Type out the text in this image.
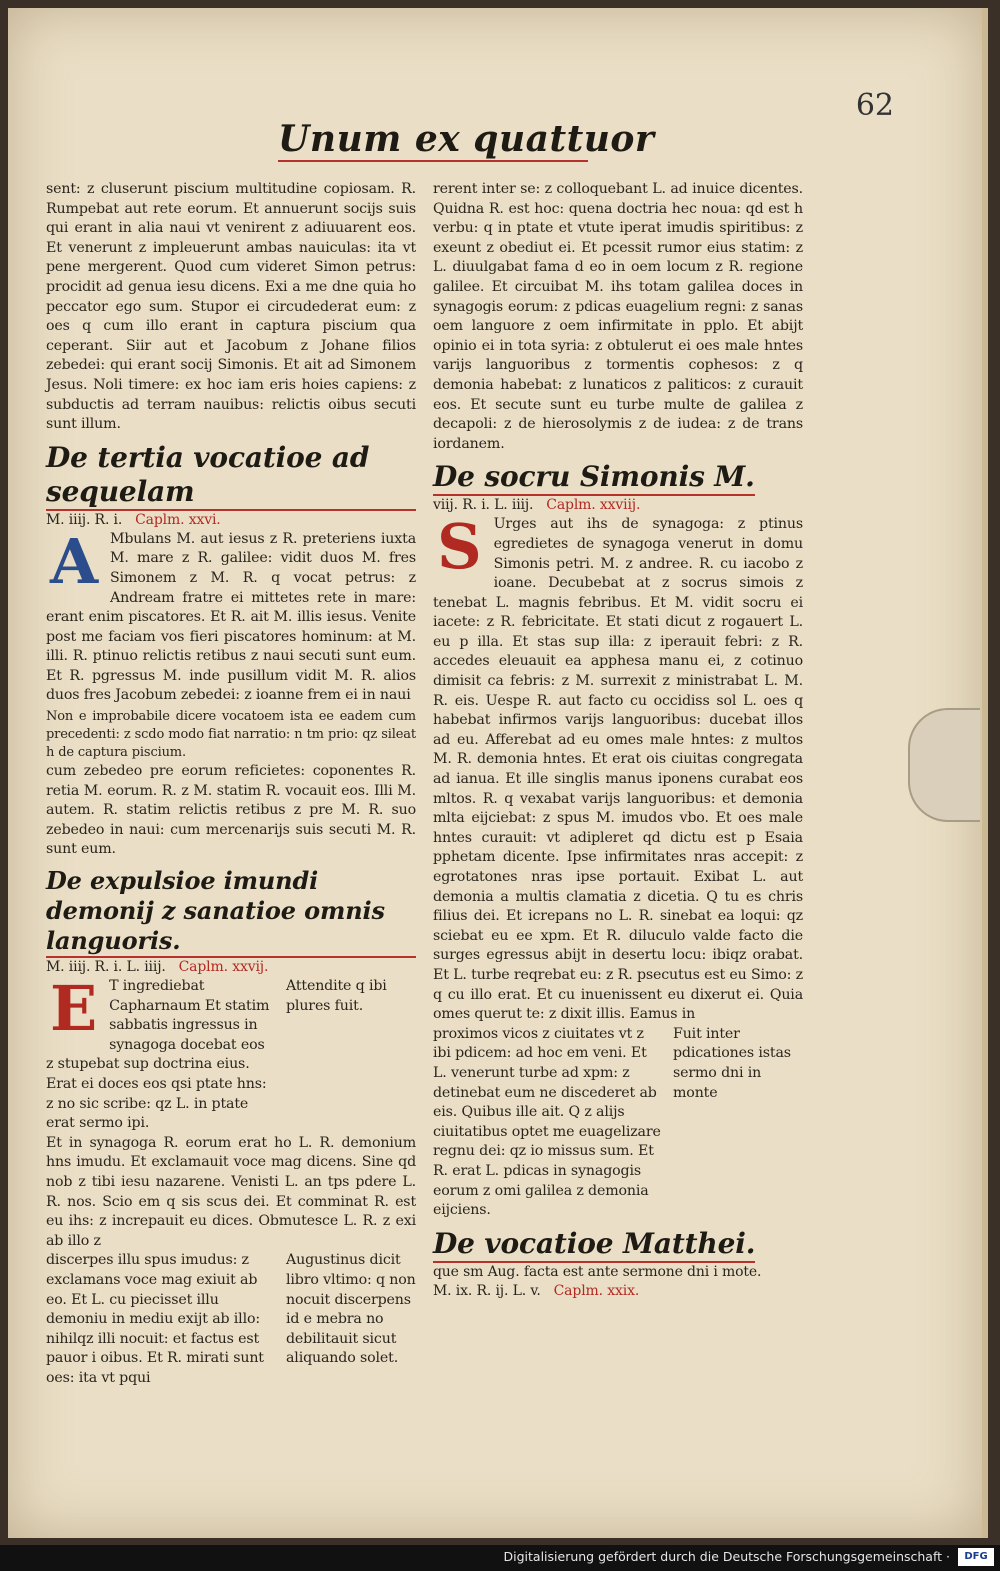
62
Unum ex quattuor

sent: z cluserunt piscium multitudine copiosam. R. Rumpebat aut rete eorum. Et annuerunt socijs suis qui erant in alia naui vt venirent z adiuuarent eos. Et venerunt z impleuerunt ambas nauiculas: ita vt pene mergerent. Quod cum videret Simon petrus: procidit ad genua iesu dicens. Exi a me dne quia ho peccator ego sum. Stupor ei circudederat eum: z oes q cum illo erant in captura piscium qua ceperant. Siir aut et Jacobum z Johane filios zebedei: qui erant socij Simonis. Et ait ad Simonem Jesus. Noli timere: ex hoc iam eris hoies capiens: z subductis ad terram nauibus: relictis oibus secuti sunt illum.

De tertia vocatioe ad sequelam

M. iiij. R. i. Caplm. xxvi.

A Mbulans M. aut iesus z R. preteriens iuxta M. mare z R. galilee: vidit duos M. fres Simonem z M. R. q vocat petrus: z Andream fratre ei mittetes rete in mare: erant enim piscatores. Et R. ait M. illis iesus. Venite post me faciam vos fieri piscatores hominum: at M. illi. R. ptinuo relictis retibus z naui secuti sunt eum. Et R. pgressus M. inde pusillum vidit M. R. alios duos fres Jacobum zebedei: z ioanne frem ei in naui

Non e improbabile dicere vocatoem ista ee eadem cum precedenti: z scdo modo fiat narratio: n tm prio: qz sileat h de captura piscium.

cum zebedeo pre eorum reficietes: coponentes R. retia M. eorum. R. z M. statim R. vocauit eos. Illi M. autem. R. statim relictis retibus z pre M. R. suo zebedeo in naui: cum mercenarijs suis secuti M. R. sunt eum.

De expulsioe imundi demonij z sanatioe omnis languoris.

M. iiij. R. i. L. iiij. Caplm. xxvij.

E T ingrediebat Capharnaum Et statim sabbatis ingressus in synagoga docebat eos z stupebat sup doctrina eius. Erat ei doces eos qsi ptate hns: z no sic scribe: qz L. in ptate erat sermo ipi.
Attendite q ibi plures fuit.

Et in synagoga R. eorum erat ho L. R. demonium hns imudu. Et exclamauit voce mag dicens. Sine qd nob z tibi iesu nazarene. Venisti L. an tps pdere L. R. nos. Scio em q sis scus dei. Et comminat R. est eu ihs: z increpauit eu dices. Obmutesce L. R. z exi ab illo z

discerpes illu spus imudus: z exclamans voce mag exiuit ab eo. Et L. cu piecisset illu demoniu in mediu exijt ab illo: nihilqz illi nocuit: et factus est pauor i oibus. Et R. mirati sunt oes: ita vt pqui
Augustinus dicit libro vltimo: q non nocuit discerpens id e mebra no debilitauit sicut aliquando solet.

rerent inter se: z colloquebant L. ad inuice dicentes. Quidna R. est hoc: quena doctria hec noua: qd est h verbu: q in ptate et vtute iperat imudis spiritibus: z exeunt z obediut ei. Et pcessit rumor eius statim: z L. diuulgabat fama d eo in oem locum z R. regione galilee. Et circuibat M. ihs totam galilea doces in synagogis eorum: z pdicas euagelium regni: z sanas oem languore z oem infirmitate in pplo. Et abijt opinio ei in tota syria: z obtulerut ei oes male hntes varijs languoribus z tormentis cophesos: z q demonia habebat: z lunaticos z paliticos: z curauit eos. Et secute sunt eu turbe multe de galilea z decapoli: z de hierosolymis z de iudea: z de trans iordanem.

De socru Simonis M.

viij. R. i. L. iiij. Caplm. xxviij.

S Urges aut ihs de synagoga: z ptinus egredietes de synagoga venerut in domu Simonis petri. M. z andree. R. cu iacobo z ioane. Decubebat at z socrus simois z tenebat L. magnis febribus. Et M. vidit socru ei iacete: z R. febricitate. Et stati dicut z rogauert L. eu p illa. Et stas sup illa: z iperauit febri: z R. accedes eleuauit ea apphesa manu ei, z cotinuo dimisit ca febris: z M. surrexit z ministrabat L. M. R. eis. Uespe R. aut facto cu occidiss sol L. oes q habebat infirmos varijs languoribus: ducebat illos ad eu. Afferebat ad eu omes male hntes: z multos M. R. demonia hntes. Et erat ois ciuitas congregata ad ianua. Et ille singlis manus iponens curabat eos mltos. R. q vexabat varijs languoribus: et demonia mlta eijciebat: z spus M. imudos vbo. Et oes male hntes curauit: vt adipleret qd dictu est p Esaia pphetam dicente. Ipse infirmitates nras accepit: z egrotatones nras ipse portauit. Exibat L. aut demonia a multis clamatia z dicetia. Q tu es chris filius dei. Et icrepans no L. R. sinebat ea loqui: qz sciebat eu ee xpm. Et R. diluculo valde facto die surges egressus abijt in desertu locu: ibiqz orabat. Et L. turbe reqrebat eu: z R. psecutus est eu Simo: z q cu illo erat. Et cu inuenissent eu dixerut ei. Quia omes querut te: z dixit illis. Eamus in

proximos vicos z ciuitates vt z ibi pdicem: ad hoc em veni. Et L. venerunt turbe ad xpm: z detinebat eum ne discederet ab eis. Quibus ille ait. Q z alijs ciuitatibus optet me euagelizare regnu dei: qz io missus sum. Et R. erat L. pdicas in synagogis eorum z omi galilea z demonia eijciens.
Fuit inter pdicationes istas sermo dni in monte
De vocatioe Matthei.

que sm Aug. facta est ante sermone dni i mote.

M. ix. R. ij. L. v. Caplm. xxix.

Digitalisierung gefördert durch die Deutsche Forschungsgemeinschaft ·	DFG
